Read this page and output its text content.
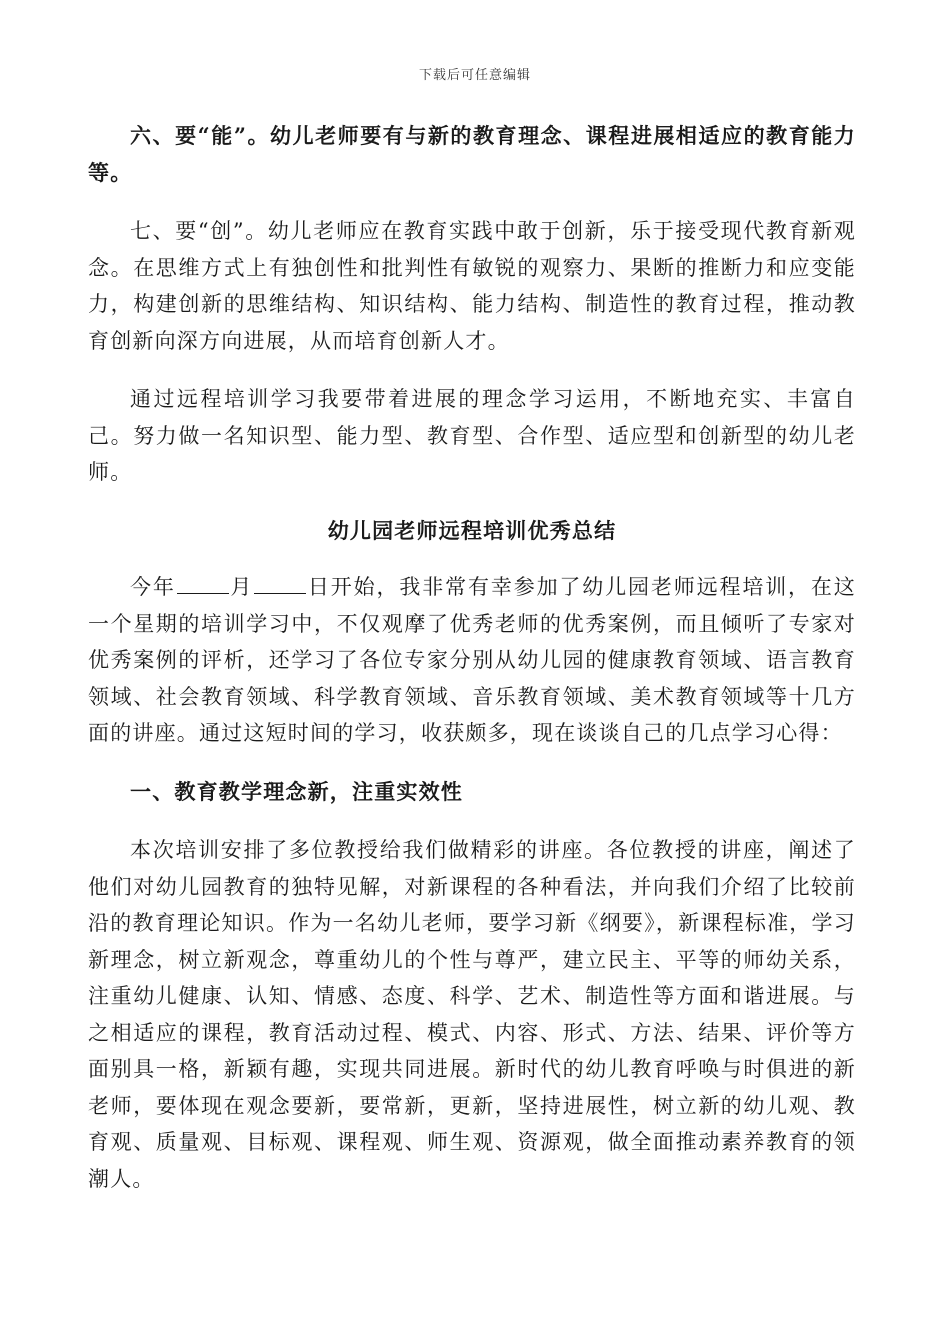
下载后可任意编辑

六、要“能”。幼儿老师要有与新的教育理念、课程进展相适应的教育能力等。

七、要“创”。幼儿老师应在教育实践中敢于创新，乐于接受现代教育新观念。在思维方式上有独创性和批判性有敏锐的观察力、果断的推断力和应变能力，构建创新的思维结构、知识结构、能力结构、制造性的教育过程，推动教育创新向深方向进展，从而培育创新人才。

通过远程培训学习我要带着进展的理念学习运用，不断地充实、丰富自己。努力做一名知识型、能力型、教育型、合作型、适应型和创新型的幼儿老师。

幼儿园老师远程培训优秀总结

今年	月	日开始，我非常有幸参加了幼儿园老师远程培训，在这一个星期的培训学习中，不仅观摩了优秀老师的优秀案例，而且倾听了专家对优秀案例的评析，还学习了各位专家分别从幼儿园的健康教育领域、语言教育领域、社会教育领域、科学教育领域、音乐教育领域、美术教育领域等十几方面的讲座。通过这短时间的学习，收获颇多，现在谈谈自己的几点学习心得：

一、教育教学理念新，注重实效性

本次培训安排了多位教授给我们做精彩的讲座。各位教授的讲座，阐述了他们对幼儿园教育的独特见解，对新课程的各种看法，并向我们介绍了比较前沿的教育理论知识。作为一名幼儿老师，要学习新《纲要》，新课程标准，学习新理念，树立新观念，尊重幼儿的个性与尊严，建立民主、平等的师幼关系，注重幼儿健康、认知、情感、态度、科学、艺术、制造性等方面和谐进展。与之相适应的课程，教育活动过程、模式、内容、形式、方法、结果、评价等方面别具一格，新颖有趣，实现共同进展。新时代的幼儿教育呼唤与时俱进的新老师，要体现在观念要新，要常新，更新，坚持进展性，树立新的幼儿观、教育观、质量观、目标观、课程观、师生观、资源观，做全面推动素养教育的领潮人。
